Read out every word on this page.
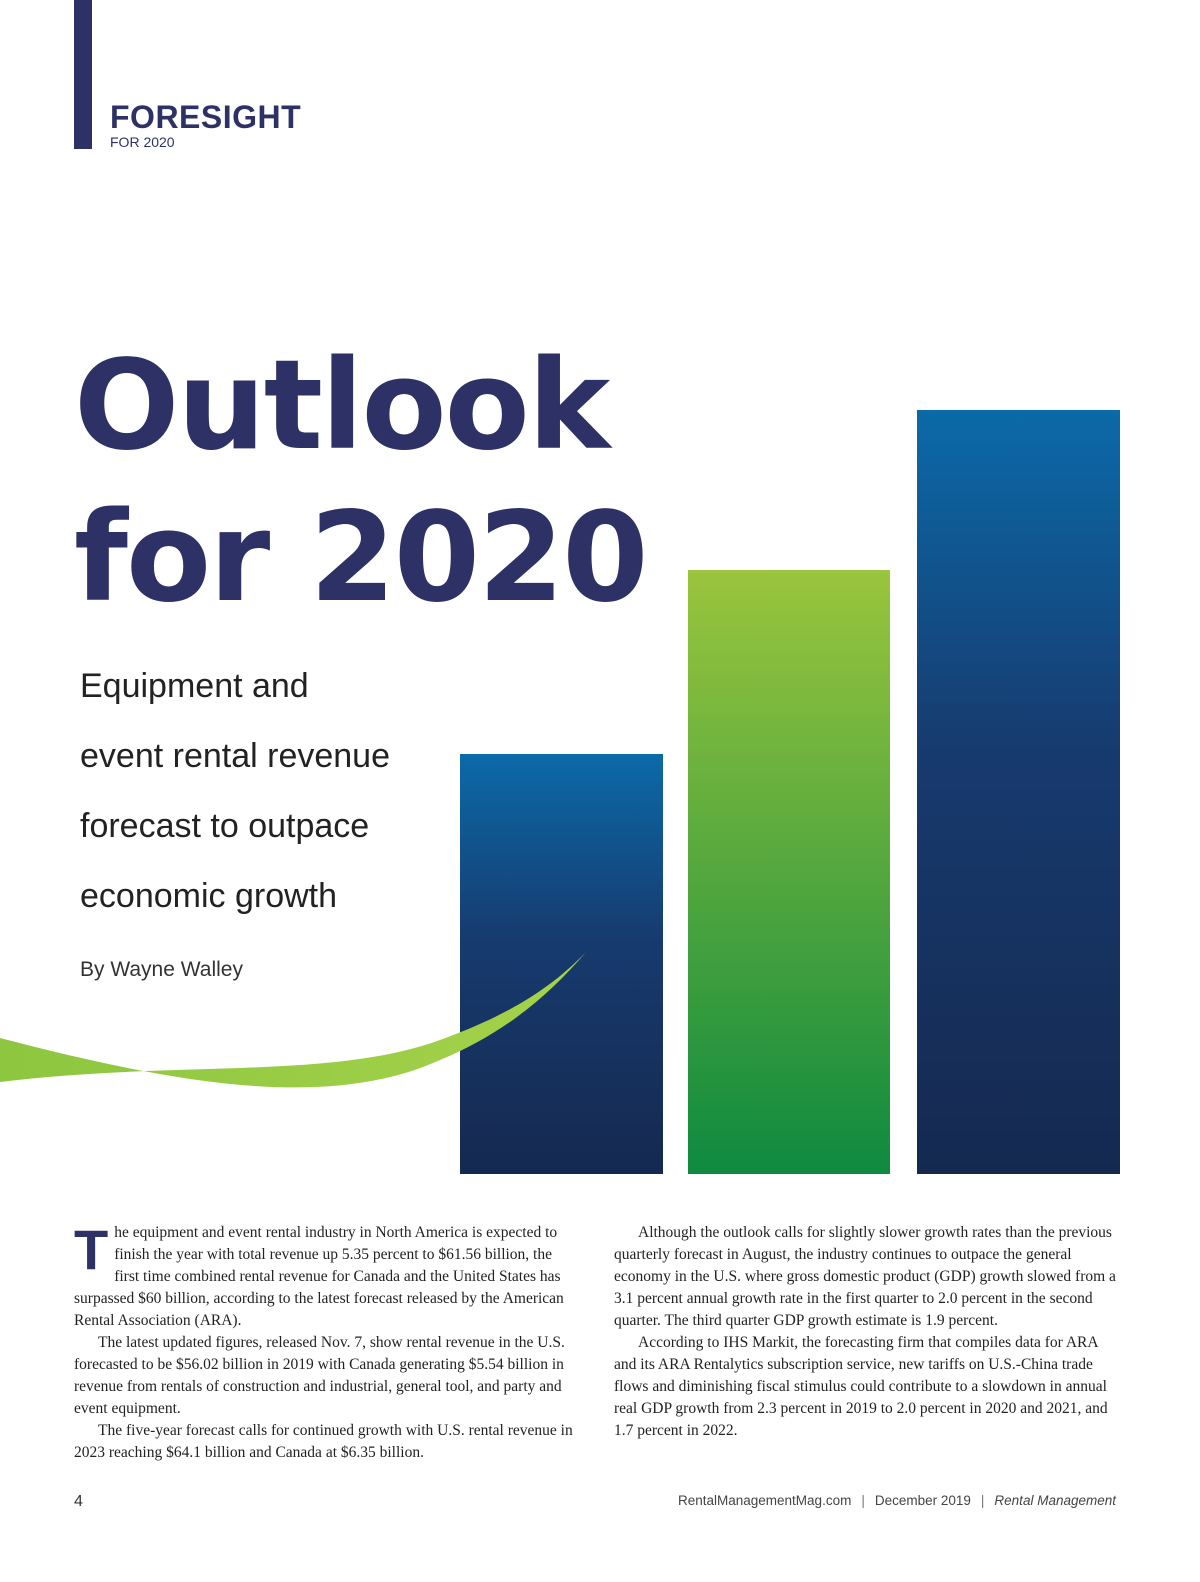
FORESIGHT
FOR 2020
Outlook
for 2020
Equipment and
event rental revenue
forecast to outpace
economic growth
By Wayne Walley
T he equipment and event rental industry in North America is expected to finish the year with total revenue up 5.35 percent to $61.56 billion, the first time combined rental revenue for Canada and the United States has surpassed $60 billion, according to the latest forecast released by the American Rental Association (ARA).

The latest updated figures, released Nov. 7, show rental revenue in the U.S. forecasted to be $56.02 billion in 2019 with Canada generating $5.54 billion in revenue from rentals of construction and industrial, general tool, and party and event equipment.

The five-year forecast calls for continued growth with U.S. rental revenue in 2023 reaching $64.1 billion and Canada at $6.35 billion.

Although the outlook calls for slightly slower growth rates than the previous quarterly forecast in August, the industry continues to outpace the general economy in the U.S. where gross domestic product (GDP) growth slowed from a 3.1 percent annual growth rate in the first quarter to 2.0 percent in the second quarter. The third quarter GDP growth estimate is 1.9 percent.

According to IHS Markit, the forecasting firm that compiles data for ARA and its ARA Rentalytics subscription service, new tariffs on U.S.-China trade flows and diminishing fiscal stimulus could contribute to a slowdown in annual real GDP growth from 2.3 percent in 2019 to 2.0 percent in 2020 and 2021, and 1.7 percent in 2022.

4	RentalManagementMag.com | December 2019 | Rental Management
